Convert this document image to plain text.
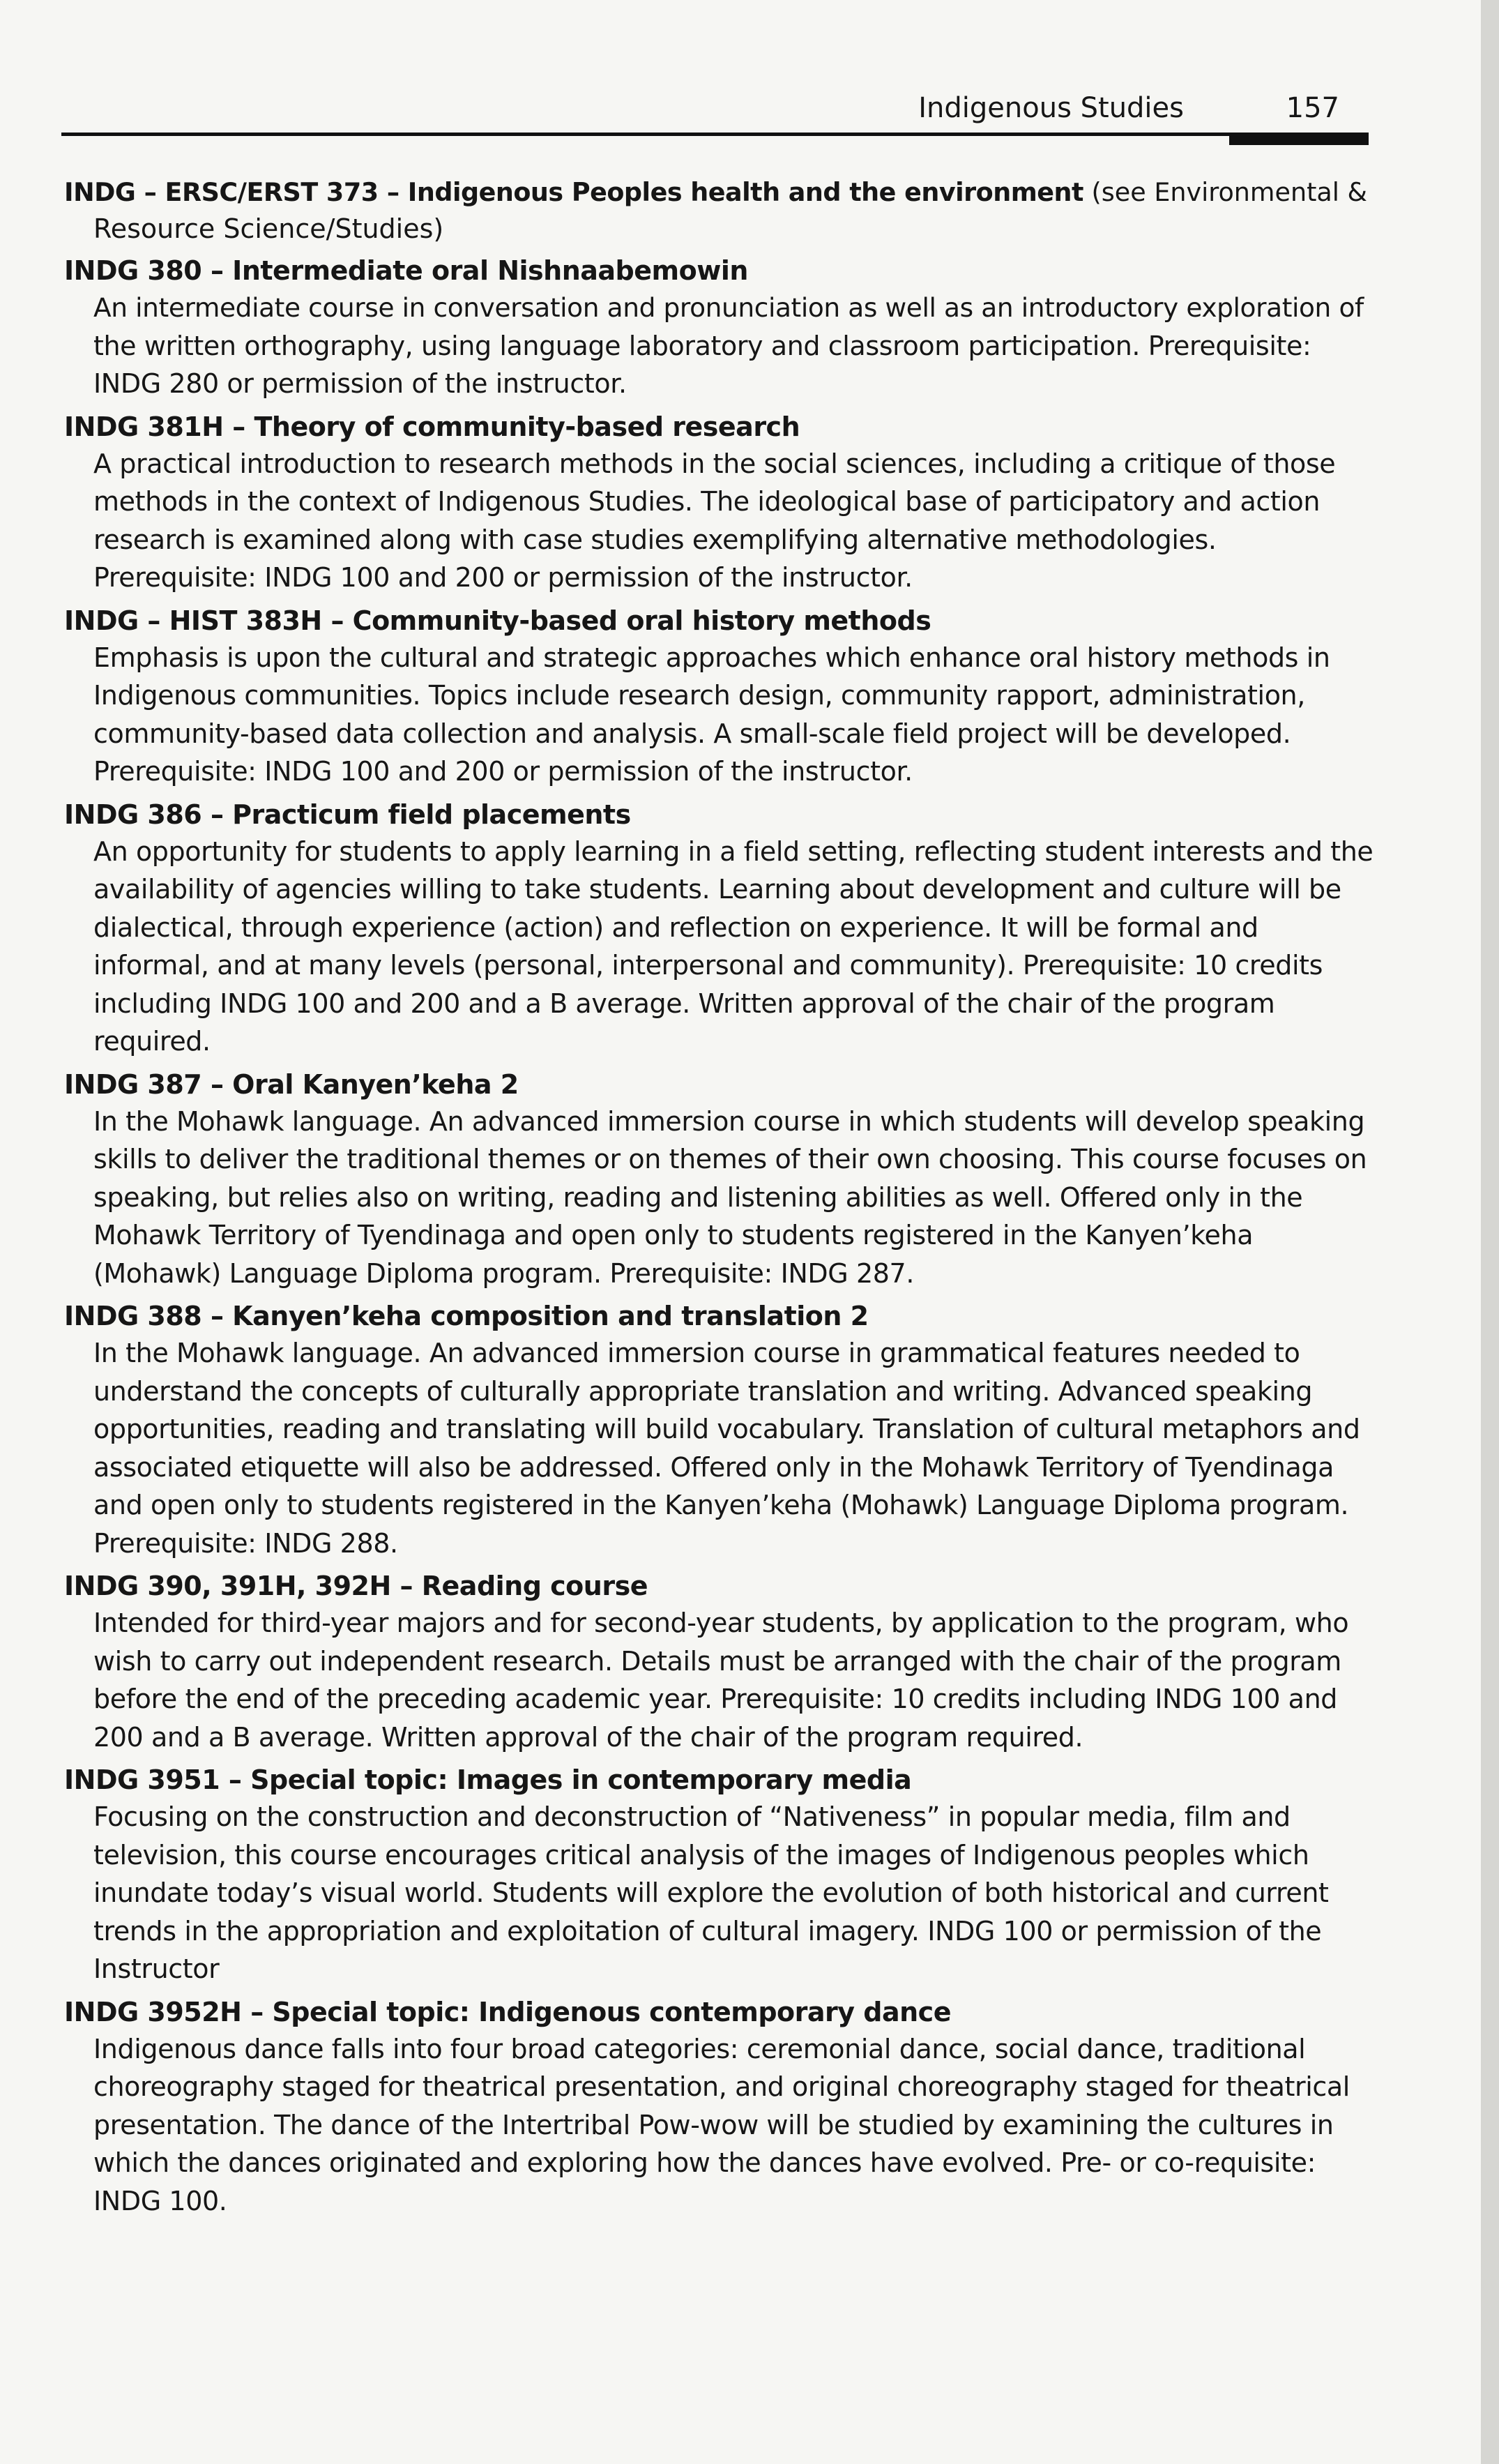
Indigenous Studies	157
INDG – ERSC/ERST 373 – Indigenous Peoples health and the environment (see Environmental &
Resource Science/Studies)
INDG 380 – Intermediate oral Nishnaabemowin
An intermediate course in conversation and pronunciation as well as an introductory exploration of
the written orthography, using language laboratory and classroom participation. Prerequisite:
INDG 280 or permission of the instructor.
INDG 381H – Theory of community-based research
A practical introduction to research methods in the social sciences, including a critique of those
methods in the context of Indigenous Studies. The ideological base of participatory and action
research is examined along with case studies exemplifying alternative methodologies.
Prerequisite: INDG 100 and 200 or permission of the instructor.
INDG – HIST 383H – Community-based oral history methods
Emphasis is upon the cultural and strategic approaches which enhance oral history methods in
Indigenous communities. Topics include research design, community rapport, administration,
community-based data collection and analysis. A small-scale field project will be developed.
Prerequisite: INDG 100 and 200 or permission of the instructor.
INDG 386 – Practicum field placements
An opportunity for students to apply learning in a field setting, reflecting student interests and the
availability of agencies willing to take students. Learning about development and culture will be
dialectical, through experience (action) and reflection on experience. It will be formal and
informal, and at many levels (personal, interpersonal and community). Prerequisite: 10 credits
including INDG 100 and 200 and a B average. Written approval of the chair of the program
required.
INDG 387 – Oral Kanyen’keha 2
In the Mohawk language. An advanced immersion course in which students will develop speaking
skills to deliver the traditional themes or on themes of their own choosing. This course focuses on
speaking, but relies also on writing, reading and listening abilities as well. Offered only in the
Mohawk Territory of Tyendinaga and open only to students registered in the Kanyen’keha
(Mohawk) Language Diploma program. Prerequisite: INDG 287.
INDG 388 – Kanyen’keha composition and translation 2
In the Mohawk language. An advanced immersion course in grammatical features needed to
understand the concepts of culturally appropriate translation and writing. Advanced speaking
opportunities, reading and translating will build vocabulary. Translation of cultural metaphors and
associated etiquette will also be addressed. Offered only in the Mohawk Territory of Tyendinaga
and open only to students registered in the Kanyen’keha (Mohawk) Language Diploma program.
Prerequisite: INDG 288.
INDG 390, 391H, 392H – Reading course
Intended for third-year majors and for second-year students, by application to the program, who
wish to carry out independent research. Details must be arranged with the chair of the program
before the end of the preceding academic year. Prerequisite: 10 credits including INDG 100 and
200 and a B average. Written approval of the chair of the program required.
INDG 3951 – Special topic: Images in contemporary media
Focusing on the construction and deconstruction of “Nativeness” in popular media, film and
television, this course encourages critical analysis of the images of Indigenous peoples which
inundate today’s visual world. Students will explore the evolution of both historical and current
trends in the appropriation and exploitation of cultural imagery. INDG 100 or permission of the
Instructor
INDG 3952H – Special topic: Indigenous contemporary dance
Indigenous dance falls into four broad categories: ceremonial dance, social dance, traditional
choreography staged for theatrical presentation, and original choreography staged for theatrical
presentation. The dance of the Intertribal Pow-wow will be studied by examining the cultures in
which the dances originated and exploring how the dances have evolved. Pre- or co-requisite:
INDG 100.
